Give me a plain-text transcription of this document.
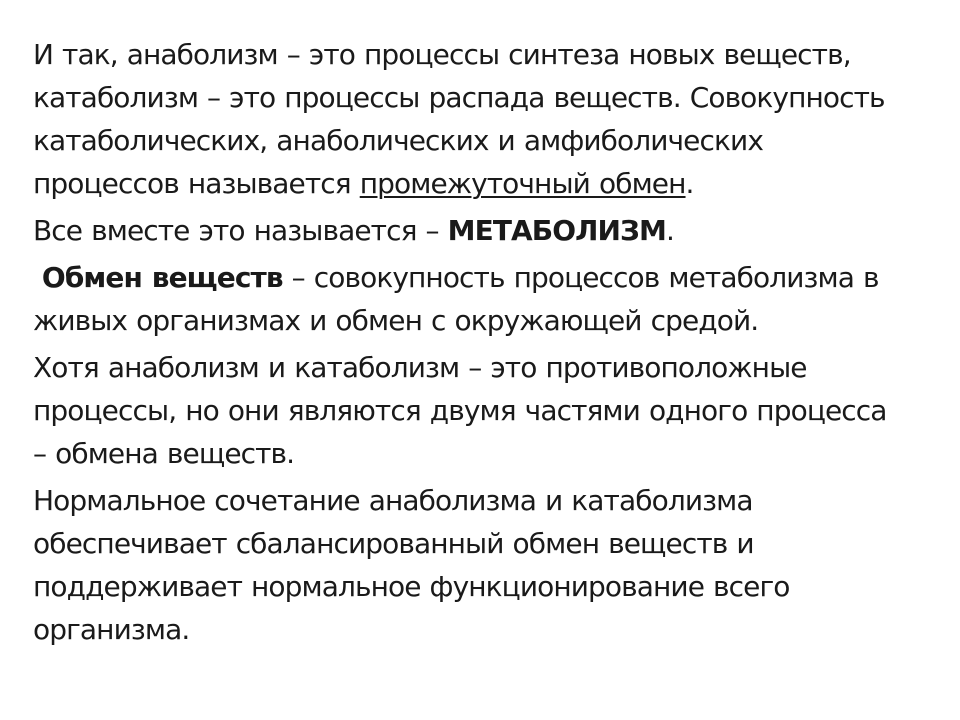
И так, анаболизм – это процессы синтеза новых веществ,
катаболизм – это процессы распада веществ. Совокупность
катаболических, анаболических и амфиболических
процессов называется промежуточный обмен.

Все вместе это называется – МЕТАБОЛИЗМ.

Обмен веществ – совокупность процессов метаболизма в
живых организмах и обмен с окружающей средой.

Хотя анаболизм и катаболизм – это противоположные
процессы, но они являются двумя частями одного процесса
– обмена веществ.

Нормальное сочетание анаболизма и катаболизма
обеспечивает сбалансированный обмен веществ и
поддерживает нормальное функционирование всего
организма.
